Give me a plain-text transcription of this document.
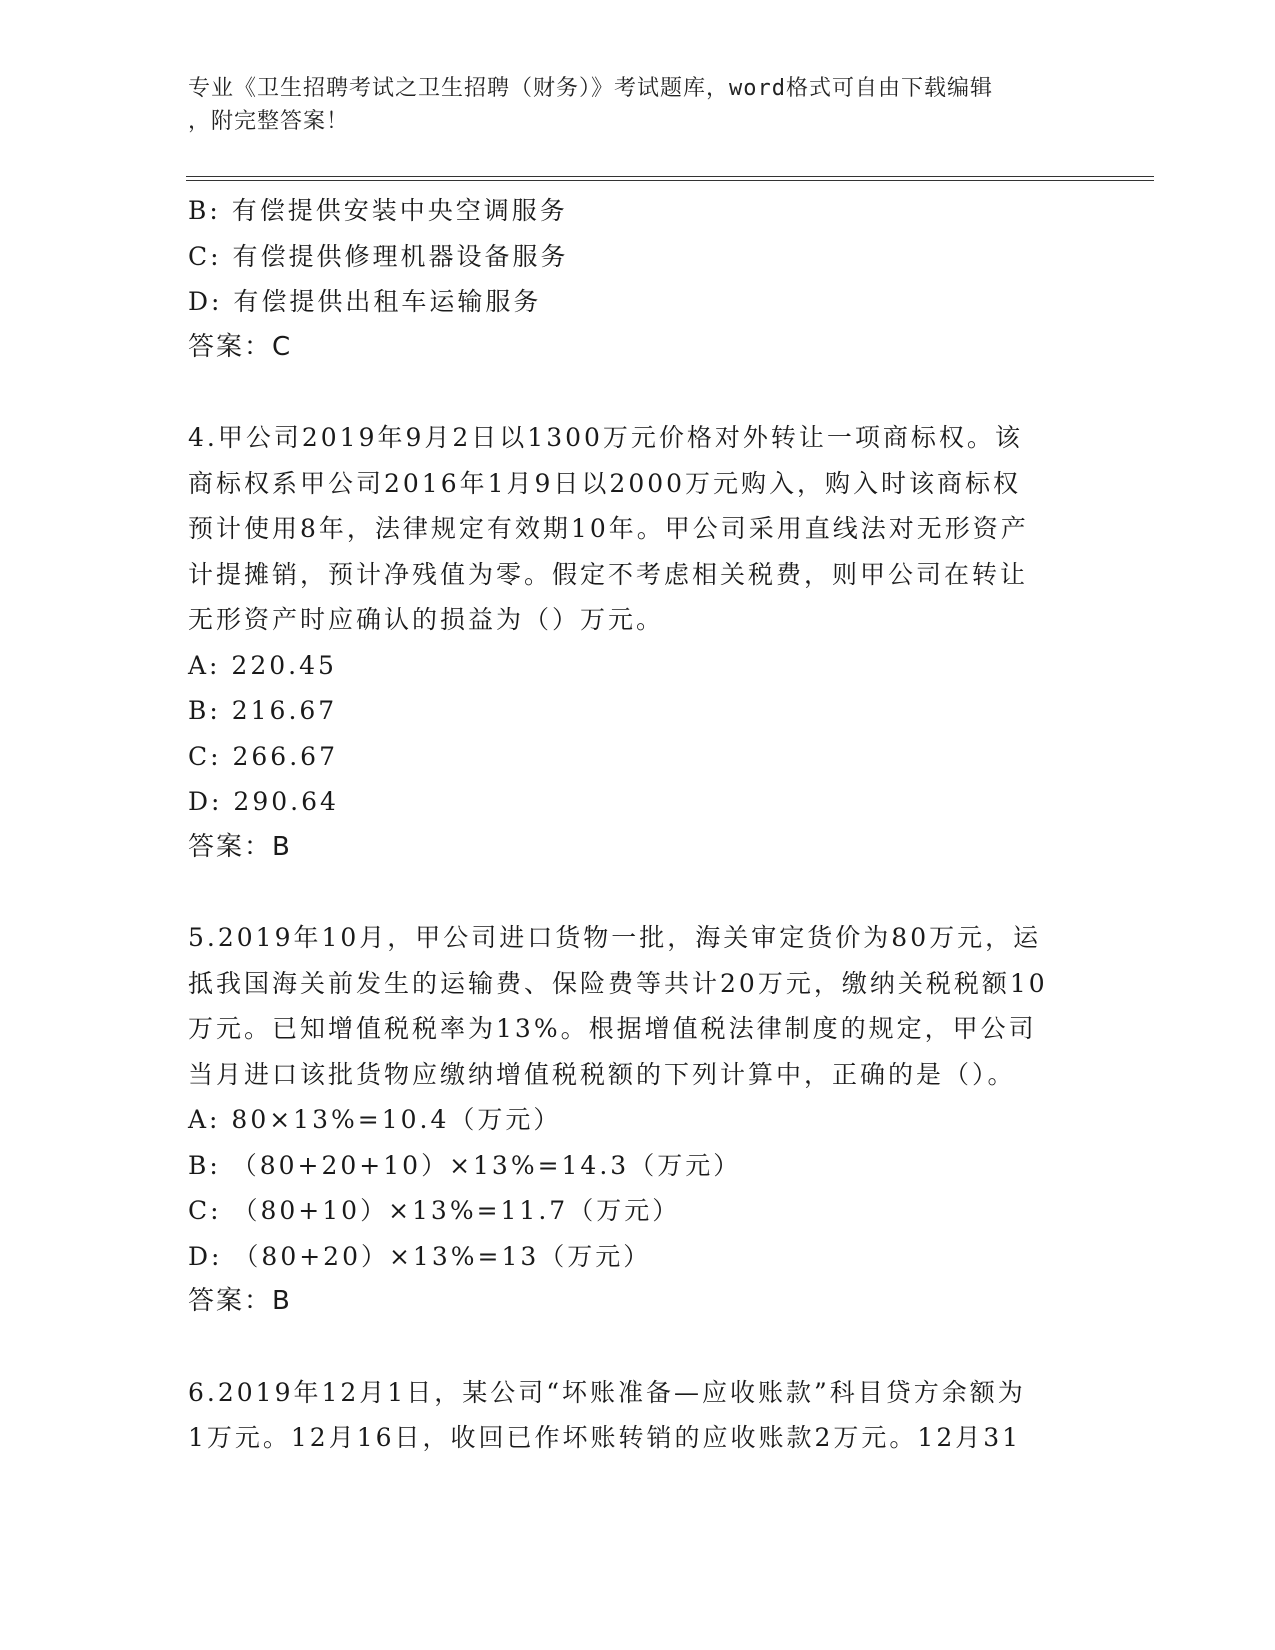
专业《卫生招聘考试之卫生招聘（财务）》考试题库，word格式可自由下载编辑
，附完整答案！
B: 有偿提供安装中央空调服务
C: 有偿提供修理机器设备服务
D: 有偿提供出租车运输服务
答案：C
4.甲公司2019年9月2日以1300万元价格对外转让一项商标权。该
商标权系甲公司2016年1月9日以2000万元购入，购入时该商标权
预计使用8年，法律规定有效期10年。甲公司采用直线法对无形资产
计提摊销，预计净残值为零。假定不考虑相关税费，则甲公司在转让
无形资产时应确认的损益为（）万元。
A: 220.45
B: 216.67
C: 266.67
D: 290.64
答案：B
5.2019年10月，甲公司进口货物一批，海关审定货价为80万元，运
抵我国海关前发生的运输费、保险费等共计20万元，缴纳关税税额10
万元。已知增值税税率为13%。根据增值税法律制度的规定，甲公司
当月进口该批货物应缴纳增值税税额的下列计算中，正确的是（）。
A: 80×13%=10.4（万元）
B: （80+20+10）×13%=14.3（万元）
C: （80+10）×13%=11.7（万元）
D: （80+20）×13%=13（万元）
答案：B
6.2019年12月1日，某公司“坏账准备—应收账款”科目贷方余额为
1万元。12月16日，收回已作坏账转销的应收账款2万元。12月31
